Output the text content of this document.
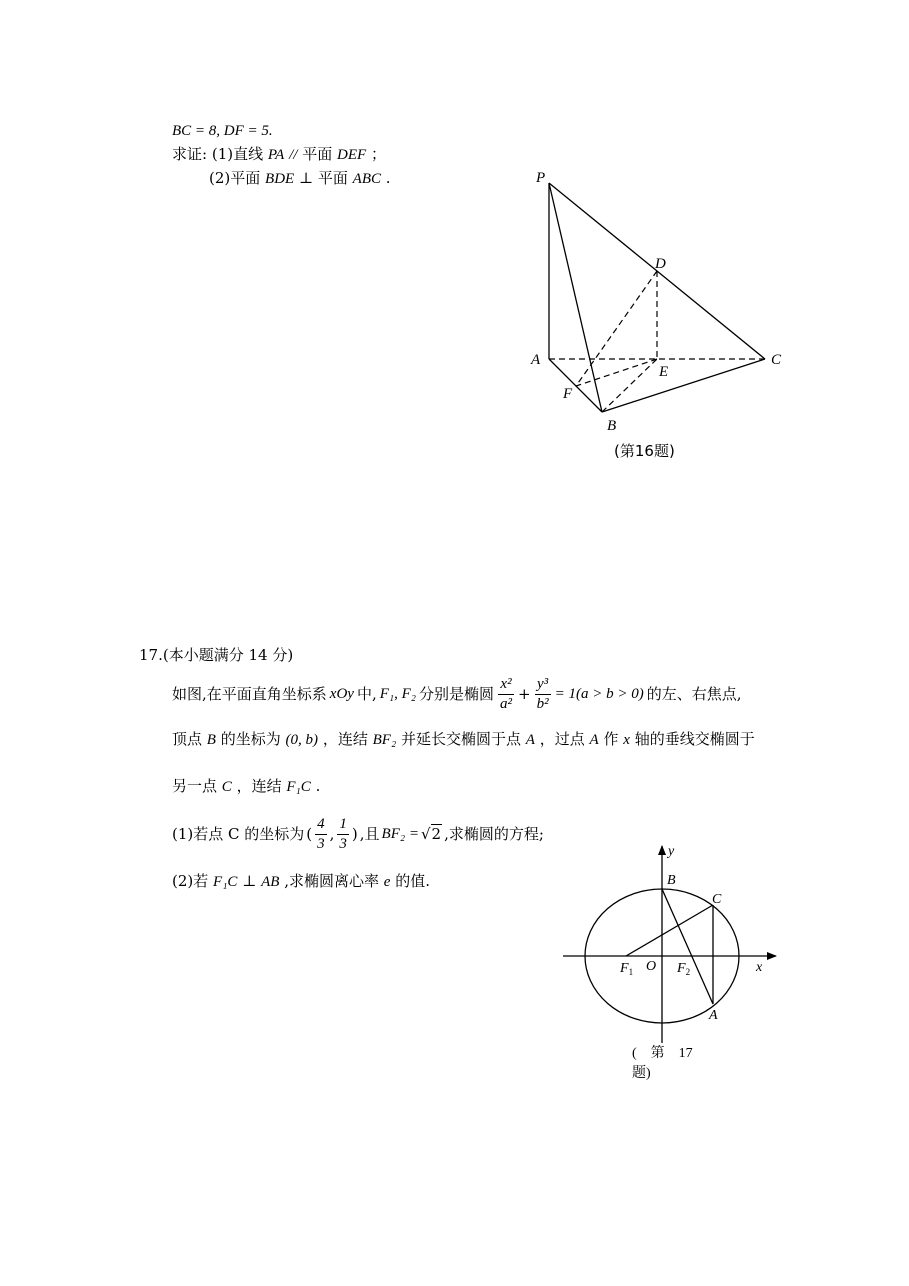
BC = 8, DF = 5.
求证: (1)直线 PA // 平面 DEF ；
(2)平面 BDE ⊥ 平面 ABC .	P
D
A	C
E
F
B
(第16题)
17.(本小题满分 14 分)
如图,在平面直角坐标系 xOy 中, F₁, F₂ 分别是椭圆 $\frac{\text{x²}}{\text{a²}} + \frac{\text{y³}}{\text{b²}} = 1(a > b > 0)$ 的左、右焦点,
顶点 B 的坐标为 (0, b) ，连结 BF₂ 并延长交椭圆于点 A ，过点 A 作 x 轴的垂线交椭圆于
另一点 C ，连结 F₁C .
(1)若点 C 的坐标为 ( $\frac{4}{3}$ , $\frac{1}{3}$ ) ,且 BF₂ = √2 ,求椭圆的方程;
(2)若 F₁C ⊥ AB ,求椭圆离心率 e 的值.
y
B
C
x
$F_1$ O $F_2$
A
(　第　17
题)
